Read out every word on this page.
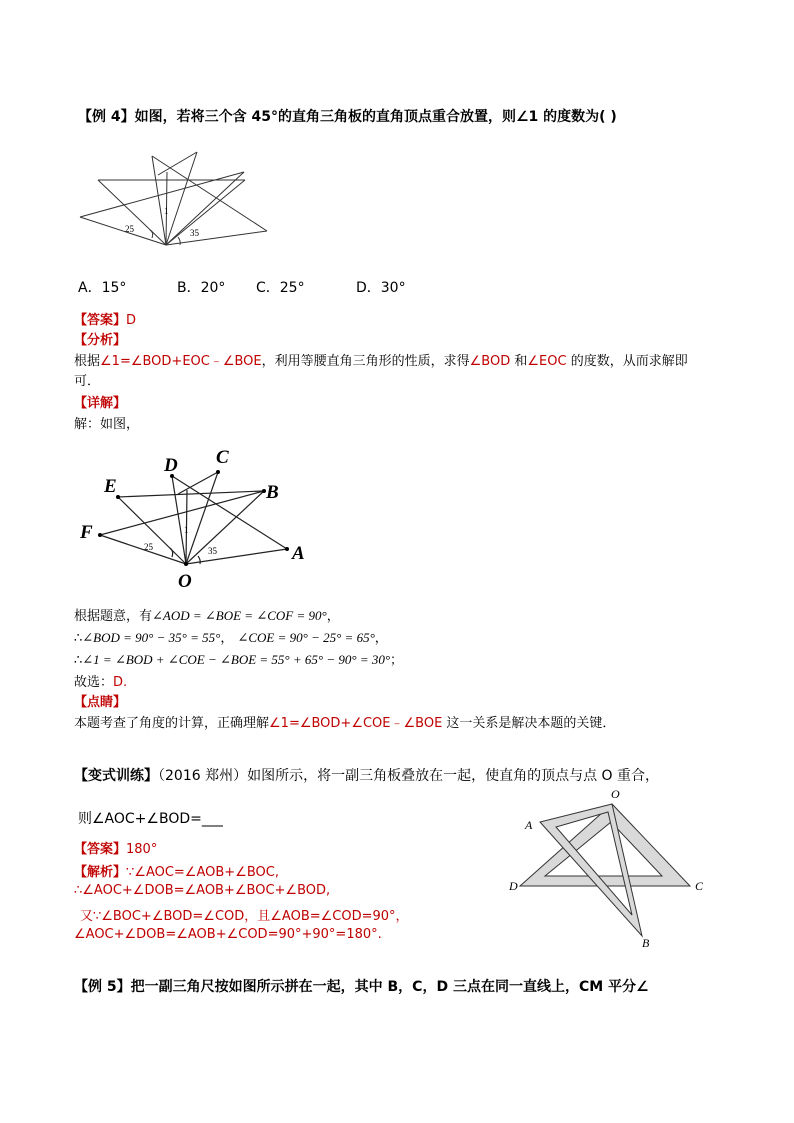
【例 4】如图，若将三个含 45°的直角三角板的直角顶点重合放置，则∠1 的度数为( )
1
25	35
A．15°	B．20° C．25°	D．30°
【答案】D
【分析】
根据∠1=∠BOD+EOC﹣∠BOE，利用等腰直角三角形的性质，求得∠BOD 和∠EOC 的度数，从而求解即
可．
【详解】
解：如图，
D C
E	B
F
A
O
1
25	35
根据题意，有∠AOD = ∠BOE = ∠COF = 90°，
∴∠BOD = 90° − 35° = 55°， ∠COE = 90° − 25° = 65°，
∴∠1 = ∠BOD + ∠COE − ∠BOE = 55° + 65° − 90° = 30°；
故选：D.
【点睛】
本题考查了角度的计算，正确理解∠1=∠BOD+∠COE﹣∠BOE 这一关系是解决本题的关键．
【变式训练】（2016 郑州）如图所示，将一副三角板叠放在一起，使直角的顶点与点 O 重合，
则∠AOC+∠BOD=___
【答案】180°
【解析】∵∠AOC=∠AOB+∠BOC,
∴∠AOC+∠DOB=∠AOB+∠BOC+∠BOD,
又∵∠BOC+∠BOD=∠COD，且∠AOB=∠COD=90°，
∠AOC+∠DOB=∠AOB+∠COD=90°+90°=180°.
O
A
D	C
B
【例 5】把一副三角尺按如图所示拼在一起，其中 B，C，D 三点在同一直线上，CM 平分∠
